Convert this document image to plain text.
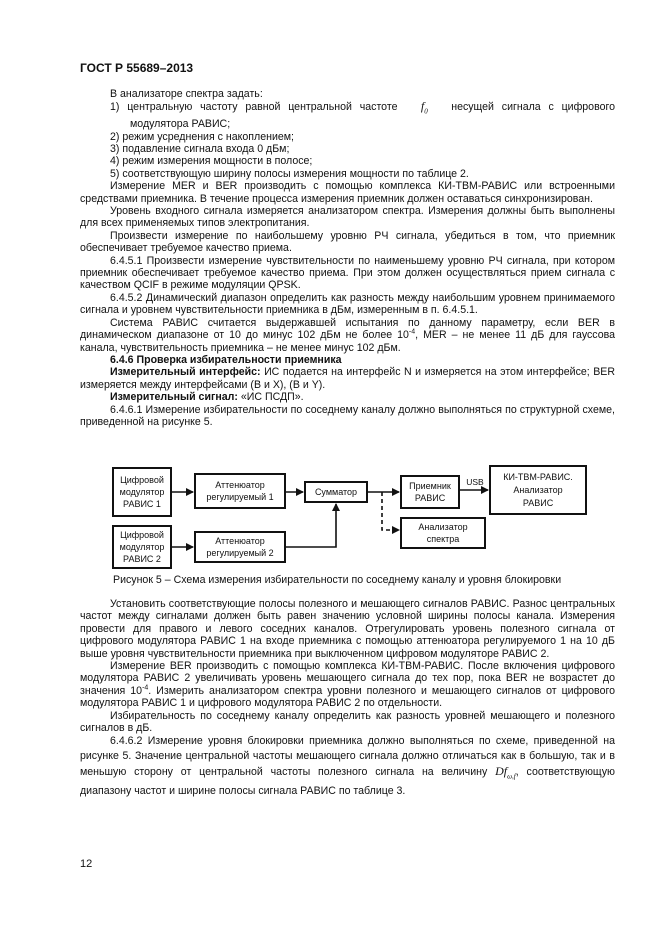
ГОСТ Р 55689–2013

В анализаторе спектра задать:

1) центральную частоту равной центральной частоте $f_0$ несущей сигнала с цифрового

модулятора РАВИС;

2) режим усреднения с накоплением;

3) подавление сигнала входа 0 дБм;

4) режим измерения мощности в полосе;

5) соответствующую ширину полосы измерения мощности по таблице 2.

Измерение MER и BER производить с помощью комплекса КИ-ТВМ-РАВИС или встроенными средствами приемника. В течение процесса измерения приемник должен оставаться синхронизирован.

Уровень входного сигнала измеряется анализатором спектра. Измерения должны быть выполнены для всех применяемых типов электропитания.

Произвести измерение по наибольшему уровню РЧ сигнала, убедиться в том, что приемник обеспечивает требуемое качество приема.

6.4.5.1 Произвести измерение чувствительности по наименьшему уровню РЧ сигнала, при котором приемник обеспечивает требуемое качество приема. При этом должен осуществляться прием сигнала с качеством QCIF в режиме модуляции QPSK.

6.4.5.2 Динамический диапазон определить как разность между наибольшим уровнем принимаемого сигнала и уровнем чувствительности приемника в дБм, измеренным в п. 6.4.5.1.

Система РАВИС считается выдержавшей испытания по данному параметру, если BER в динамическом диапазоне от 10 до минус 102 дБм не более $10^{-4}$, MER – не менее 11 дБ для гауссова канала, чувствительность приемника – не менее минус 102 дБм.

6.4.6 Проверка избирательности приемника

Измерительный интерфейс: ИС подается на интерфейс N и измеряется на этом интерфейсе; BER измеряется между интерфейсами (B и X), (B и Y).

Измерительный сигнал: «ИС ПСДП».

6.4.6.1 Измерение избирательности по соседнему каналу должно выполняться по структурной схеме, приведенной на рисунке 5.

Цифровой
модулятор
РАВИС 1
Цифровой
модулятор
РАВИС 2
Аттенюатор
регулируемый 1
Аттенюатор
регулируемый 2
Сумматор
Приемник
РАВИС
КИ-ТВМ-РАВИС.
Анализатор
РАВИС
Анализатор
спектра
USB
Рисунок 5 – Схема измерения избирательности по соседнему каналу и уровня блокировки

Установить соответствующие полосы полезного и мешающего сигналов РАВИС. Разнос центральных частот между сигналами должен быть равен значению условной ширины полосы канала. Измерения провести для правого и левого соседних каналов. Отрегулировать уровень полезного сигнала от цифрового модулятора РАВИС 1 на входе приемника с помощью аттенюатора регулируемого 1 на 10 дБ выше уровня чувствительности приемника при выключенном цифровом модуляторе РАВИС 2.

Измерение BER производить с помощью комплекса КИ-ТВМ-РАВИС. После включения цифрового модулятора РАВИС 2 увеличивать уровень мешающего сигнала до тех пор, пока BER не возрастет до значения $10^{-4}$. Измерить анализатором спектра уровни полезного и мешающего сигналов от цифрового модулятора РАВИС 1 и цифрового модулятора РАВИС 2 по отдельности.

Избирательность по соседнему каналу определить как разность уровней мешающего и полезного сигналов в дБ.

6.4.6.2 Измерение уровня блокировки приемника должно выполняться по схеме, приведенной на рисунке 5. Значение центральной частоты мешающего сигнала должно отличаться как в большую, так и в меньшую сторону от центральной частоты полезного сигнала на величину $Df_{\omega,f}$, соответствующую диапазону частот и ширине полосы сигнала РАВИС по таблице 3.

12
